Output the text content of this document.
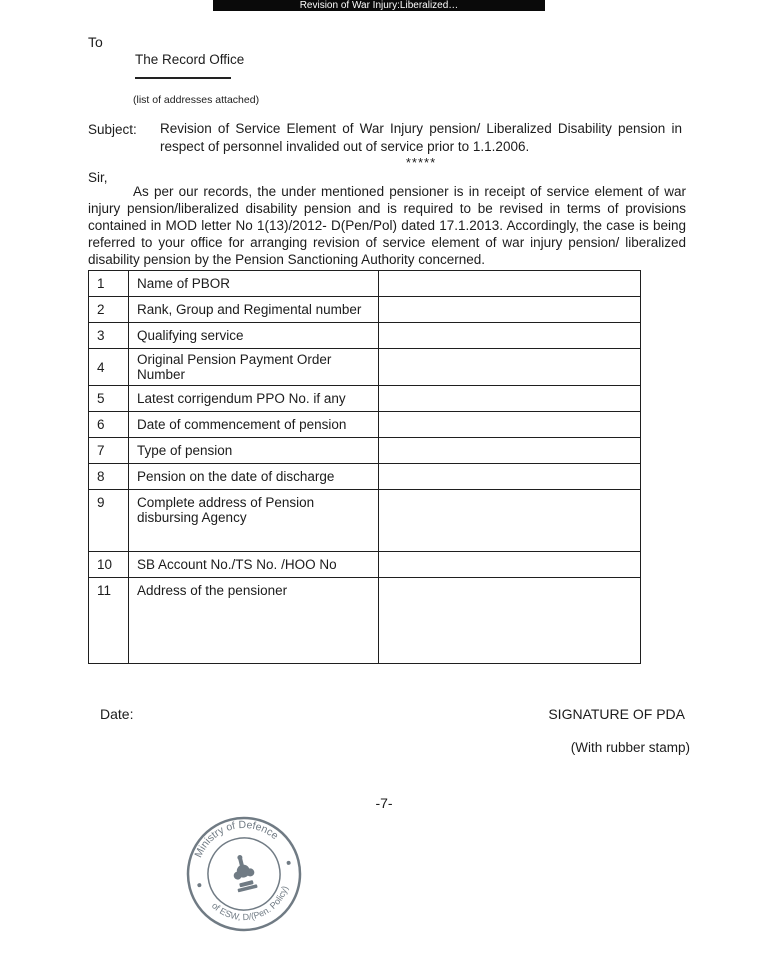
Revision of War Injury:Liberalized…
To
The Record Office
(list of addresses attached)
Subject: Revision of Service Element of War Injury pension/ Liberalized Disability pension in respect of personnel invalided out of service prior to 1.1.2006.
*****
Sir,
As per our records, the under mentioned pensioner is in receipt of service element of war injury pension/liberalized disability pension and is required to be revised in terms of provisions contained in MOD letter No 1(13)/2012- D(Pen/Pol) dated 17.1.2013. Accordingly, the case is being referred to your office for arranging revision of service element of war injury pension/ liberalized disability pension by the Pension Sanctioning Authority concerned.
1	Name of PBOR	
2	Rank, Group and Regimental number	
3	Qualifying service	
4	Original Pension Payment Order Number	
5	Latest corrigendum PPO No. if any	
6	Date of commencement of pension	
7	Type of pension	
8	Pension on the date of discharge	
9	Complete address of Pension disbursing Agency	
10	SB Account No./TS No. /HOO No	
11	Address of the pensioner	
Date:	SIGNATURE OF PDA
(With rubber stamp)
-7-
Ministry of Defence
of ESW, D/(Pen. Policy)
